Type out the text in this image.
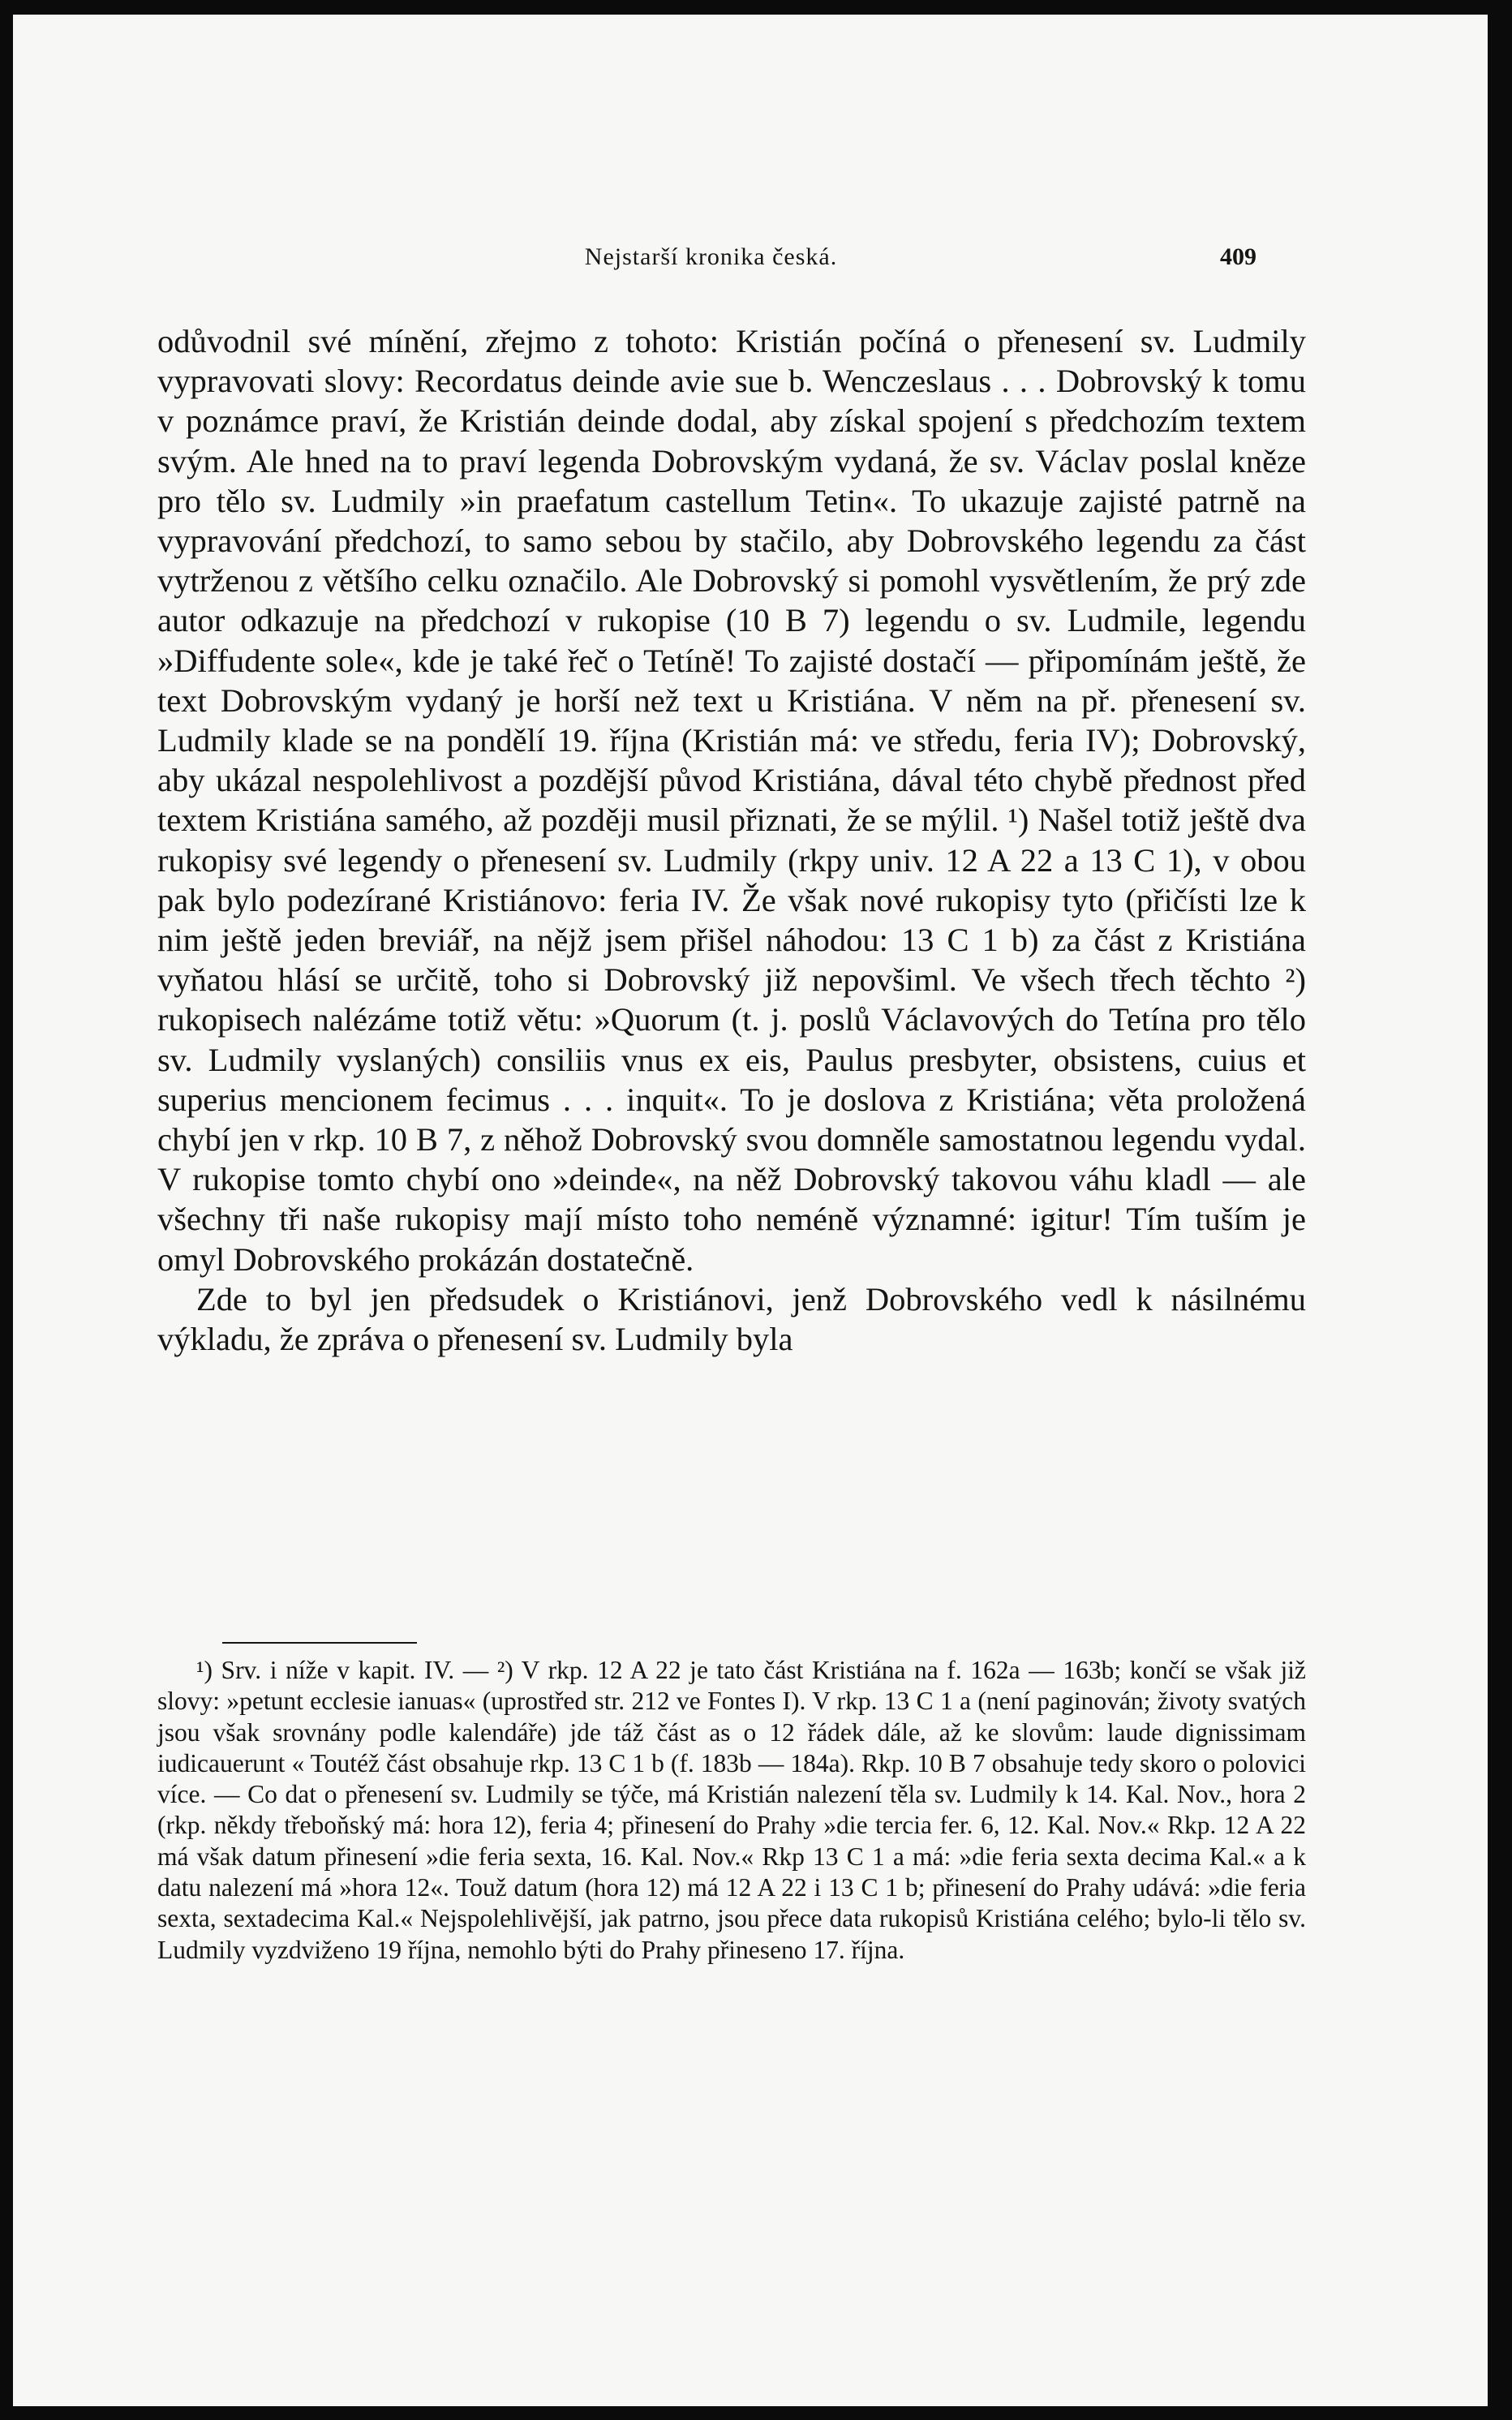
Nejstarší kronika česká.	409

odůvodnil své mínění, zřejmo z tohoto: Kristián počíná o přenesení sv. Ludmily vypravovati slovy: Recordatus deinde avie sue b. Wenczeslaus . . . Dobrovský k tomu v poznámce praví, že Kristián deinde dodal, aby získal spojení s předchozím textem svým. Ale hned na to praví legenda Dobrovským vydaná, že sv. Václav poslal kněze pro tělo sv. Ludmily »in praefatum castellum Tetin«. To ukazuje zajisté patrně na vypravování předchozí, to samo sebou by stačilo, aby Dobrovského legendu za část vytrženou z většího celku označilo. Ale Dobrovský si pomohl vysvětlením, že prý zde autor odkazuje na předchozí v rukopise (10 B 7) legendu o sv. Ludmile, legendu »Diffudente sole«, kde je také řeč o Tetíně! To zajisté dostačí — připomínám ještě, že text Dobrovským vydaný je horší než text u Kristiána. V něm na př. přenesení sv. Ludmily klade se na pondělí 19. října (Kristián má: ve středu, feria IV); Dobrovský, aby ukázal nespolehlivost a pozdější původ Kristiána, dával této chybě přednost před textem Kristiána samého, až později musil přiznati, že se mýlil. ¹) Našel totiž ještě dva rukopisy své legendy o přenesení sv. Ludmily (rkpy univ. 12 A 22 a 13 C 1), v obou pak bylo podezírané Kristiánovo: feria IV. Že však nové rukopisy tyto (přičísti lze k nim ještě jeden breviář, na nějž jsem přišel náhodou: 13 C 1 b) za část z Kristiána vyňatou hlásí se určitě, toho si Dobrovský již nepovšiml. Ve všech třech těchto ²) rukopisech nalézáme totiž větu: »Quorum (t. j. poslů Václavových do Tetína pro tělo sv. Ludmily vyslaných) consiliis vnus ex eis, Paulus presbyter, obsistens, cuius et superius mencionem fecimus . . . inquit«. To je doslova z Kristiána; věta proložená chybí jen v rkp. 10 B 7, z něhož Dobrovský svou domněle samostatnou legendu vydal. V rukopise tomto chybí ono »deinde«, na něž Dobrovský takovou váhu kladl — ale všechny tři naše rukopisy mají místo toho neméně významné: igitur! Tím tuším je omyl Dobrovského prokázán dostatečně.

Zde to byl jen předsudek o Kristiánovi, jenž Dobrovského vedl k násilnému výkladu, že zpráva o přenesení sv. Ludmily byla

¹) Srv. i níže v kapit. IV. — ²) V rkp. 12 A 22 je tato část Kristiána na f. 162a — 163b; končí se však již slovy: »petunt ecclesie ianuas« (uprostřed str. 212 ve Fontes I). V rkp. 13 C 1 a (není paginován; životy svatých jsou však srovnány podle kalendáře) jde táž část as o 12 řádek dále, až ke slovům: laude dignissimam iudicauerunt « Toutéž část obsahuje rkp. 13 C 1 b (f. 183b — 184a). Rkp. 10 B 7 obsahuje tedy skoro o polovici více. — Co dat o přenesení sv. Ludmily se týče, má Kristián nalezení těla sv. Ludmily k 14. Kal. Nov., hora 2 (rkp. někdy třeboňský má: hora 12), feria 4; přinesení do Prahy »die tercia fer. 6, 12. Kal. Nov.« Rkp. 12 A 22 má však datum přinesení »die feria sexta, 16. Kal. Nov.« Rkp 13 C 1 a má: »die feria sexta decima Kal.« a k datu nalezení má »hora 12«. Touž datum (hora 12) má 12 A 22 i 13 C 1 b; přinesení do Prahy udává: »die feria sexta, sextadecima Kal.« Nejspolehlivější, jak patrno, jsou přece data rukopisů Kristiána celého; bylo-li tělo sv. Ludmily vyzdviženo 19 října, nemohlo býti do Prahy přineseno 17. října.
